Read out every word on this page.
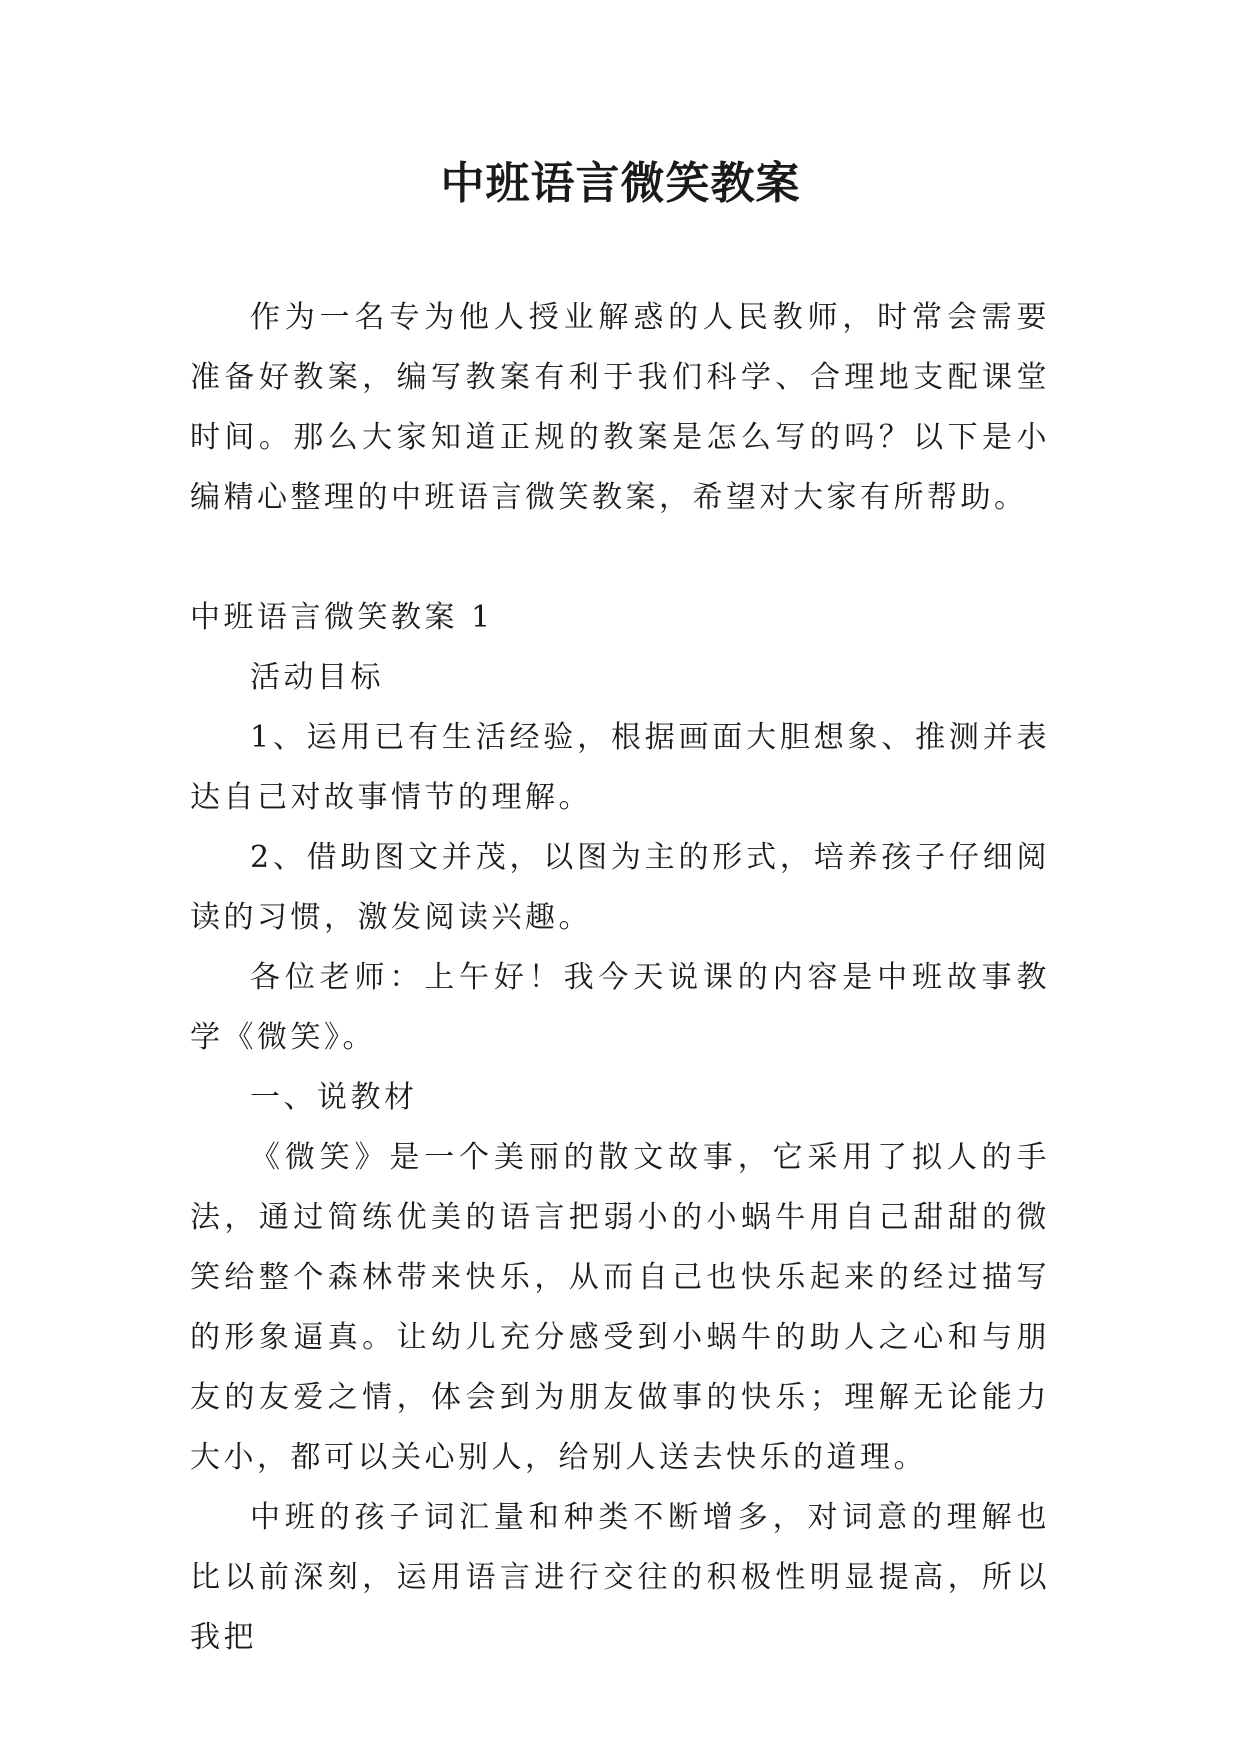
中班语言微笑教案

作为一名专为他人授业解惑的人民教师，时常会需要准备好教案，编写教案有利于我们科学、合理地支配课堂时间。那么大家知道正规的教案是怎么写的吗？以下是小编精心整理的中班语言微笑教案，希望对大家有所帮助。

中班语言微笑教案 1

活动目标

1、运用已有生活经验，根据画面大胆想象、推测并表达自己对故事情节的理解。

2、借助图文并茂，以图为主的形式，培养孩子仔细阅读的习惯，激发阅读兴趣。

各位老师：上午好！我今天说课的内容是中班故事教学《微笑》。

一、说教材

《微笑》是一个美丽的散文故事，它采用了拟人的手法，通过简练优美的语言把弱小的小蜗牛用自己甜甜的微笑给整个森林带来快乐，从而自己也快乐起来的经过描写的形象逼真。让幼儿充分感受到小蜗牛的助人之心和与朋友的友爱之情，体会到为朋友做事的快乐；理解无论能力大小，都可以关心别人，给别人送去快乐的道理。

中班的孩子词汇量和种类不断增多，对词意的理解也比以前深刻，运用语言进行交往的积极性明显提高，所以我把
